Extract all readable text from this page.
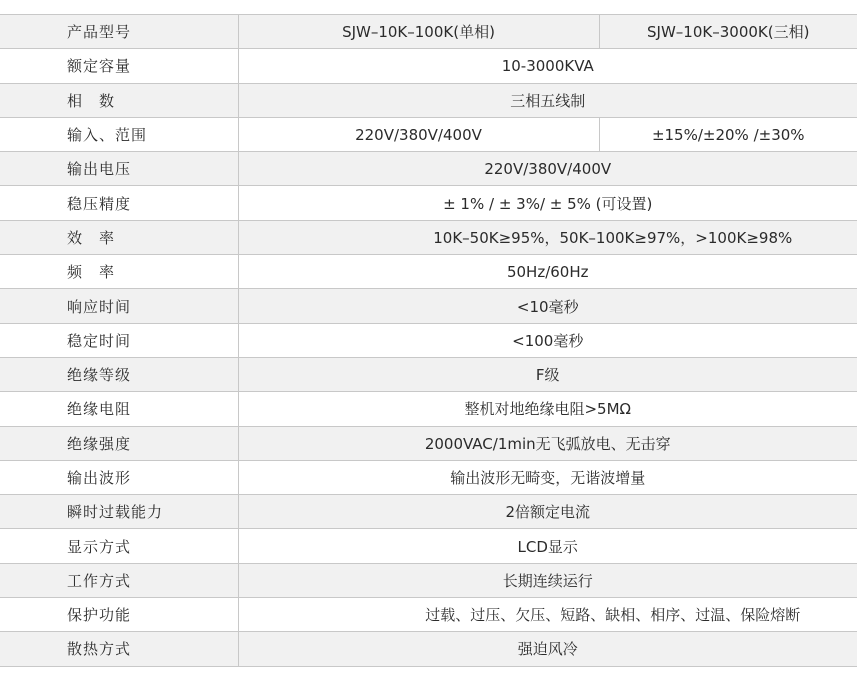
产品型号	SJW–10K–100K(单相)	SJW–10K–3000K(三相)
额定容量	10-3000KVA	
相　数	三相五线制	
输入、范围	220V/380V/400V	±15%/±20% /±30%
输出电压	220V/380V/400V	
稳压精度	± 1% / ± 3%/ ± 5% (可设置)	
效　率	10K–50K≥95%，50K–100K≥97%，>100K≥98%	
频　率	50Hz/60Hz	
响应时间	<10毫秒	
稳定时间	<100毫秒	
绝缘等级	F级	
绝缘电阻	整机对地绝缘电阻>5MΩ	
绝缘强度	2000VAC/1min无飞弧放电、无击穿	
输出波形	输出波形无畸变，无谐波增量	
瞬时过载能力	2倍额定电流	
显示方式	LCD显示	
工作方式	长期连续运行	
保护功能	过载、过压、欠压、短路、缺相、相序、过温、保险熔断	
散热方式	强迫风冷	
